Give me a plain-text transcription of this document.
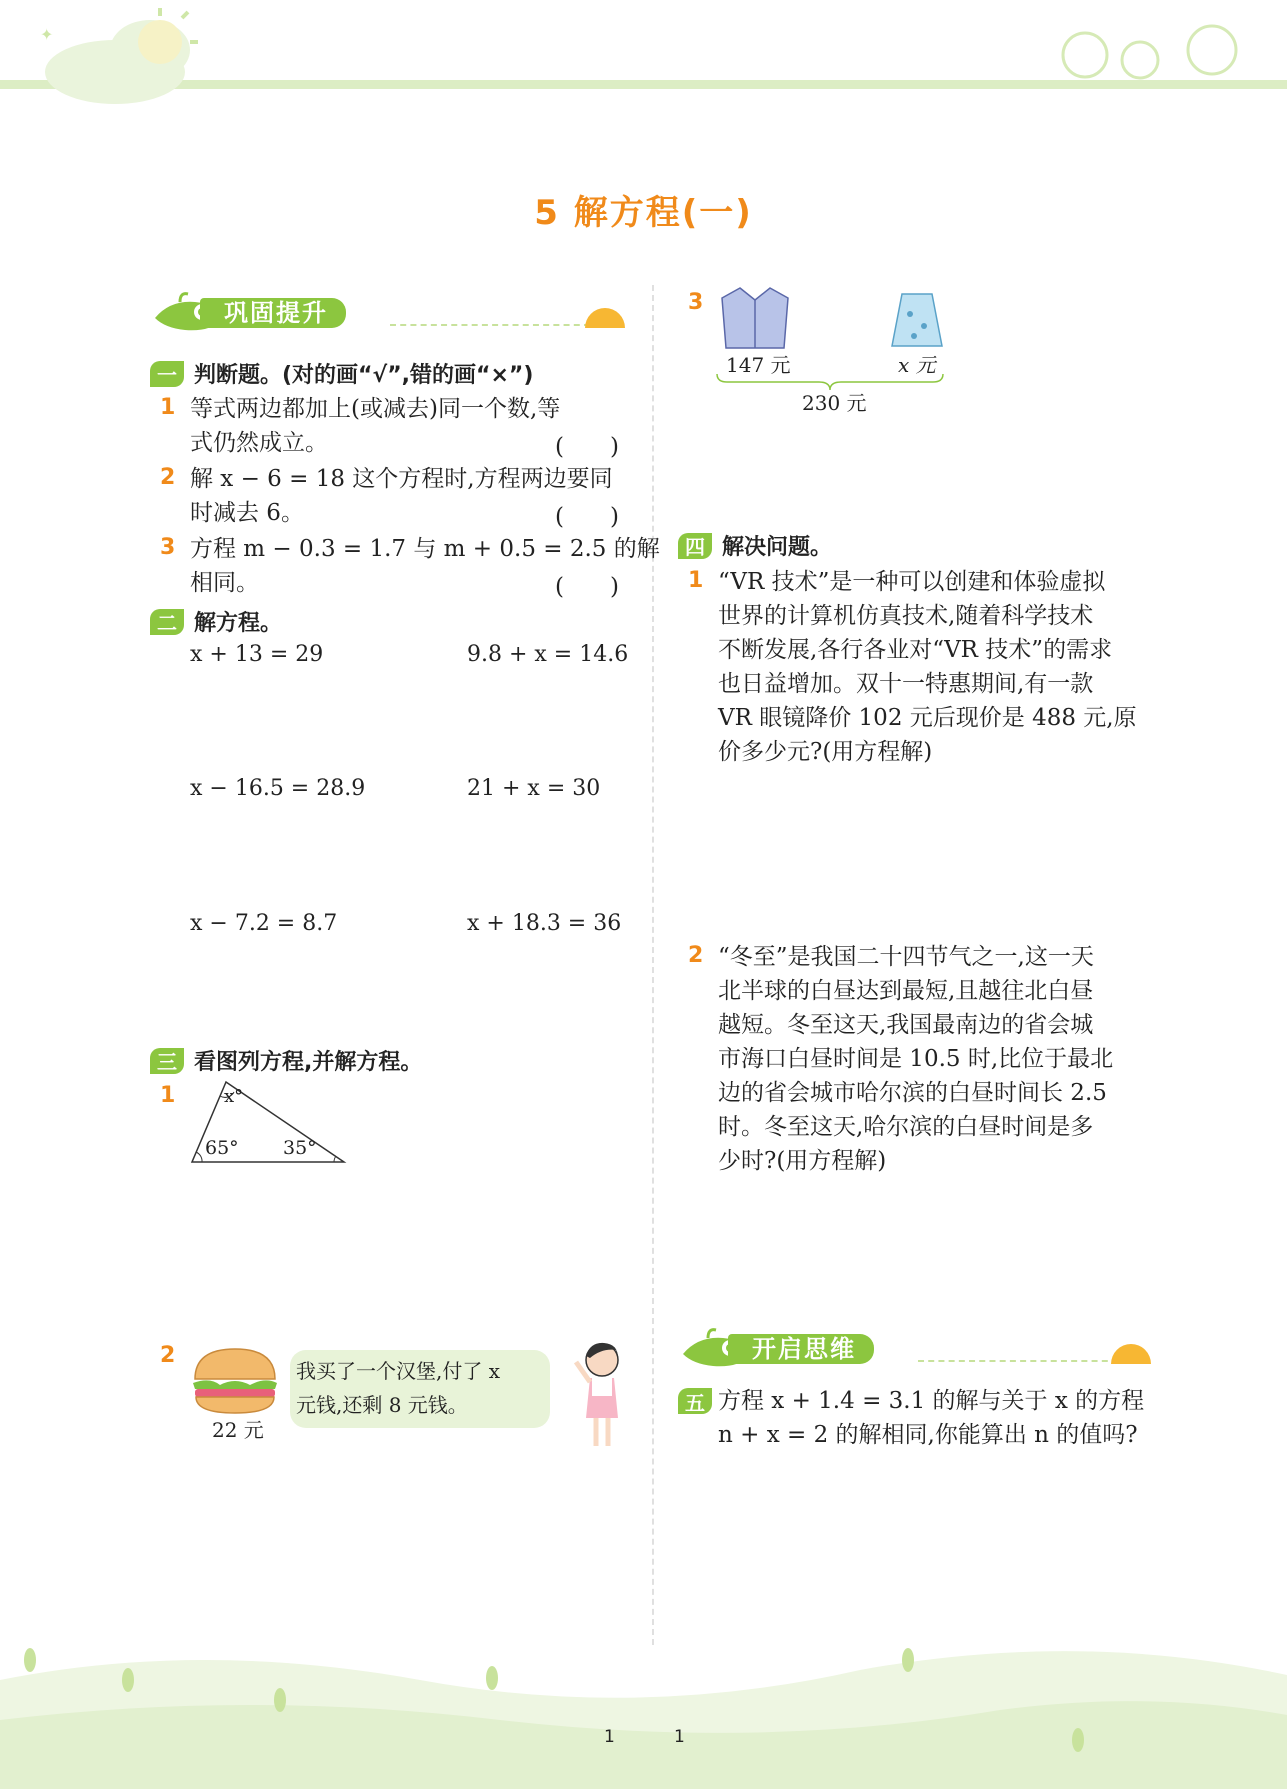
✦
5 解方程(一)
巩固提升
一 判断题。(对的画“√”,错的画“×”)
1 等式两边都加上(或减去)同一个数,等
式仍然成立。	(　　)
2 解 x − 6 = 18 这个方程时,方程两边要同
时减去 6。	(　　)
3 方程 m − 0.3 = 1.7 与 m + 0.5 = 2.5 的解
相同。	(　　)
二 解方程。
x + 13 = 29	9.8 + x = 14.6
x − 16.5 = 28.9	21 + x = 30
x − 7.2 = 8.7	x + 18.3 = 36
三 看图列方程,并解方程。
1	x°
65° 35°
2
22 元
我买了一个汉堡,付了 x
元钱,还剩 8 元钱。
3
147 元	x 元
230 元
四 解决问题。
1 “VR 技术”是一种可以创建和体验虚拟
世界的计算机仿真技术,随着科学技术
不断发展,各行各业对“VR 技术”的需求
也日益增加。双十一特惠期间,有一款
VR 眼镜降价 102 元后现价是 488 元,原
价多少元?(用方程解)
2 “冬至”是我国二十四节气之一,这一天
北半球的白昼达到最短,且越往北白昼
越短。冬至这天,我国最南边的省会城
市海口白昼时间是 10.5 时,比位于最北
边的省会城市哈尔滨的白昼时间长 2.5
时。冬至这天,哈尔滨的白昼时间是多
少时?(用方程解)
开启思维
五 方程 x + 1.4 = 3.1 的解与关于 x 的方程
n + x = 2 的解相同,你能算出 n 的值吗?
1	1
